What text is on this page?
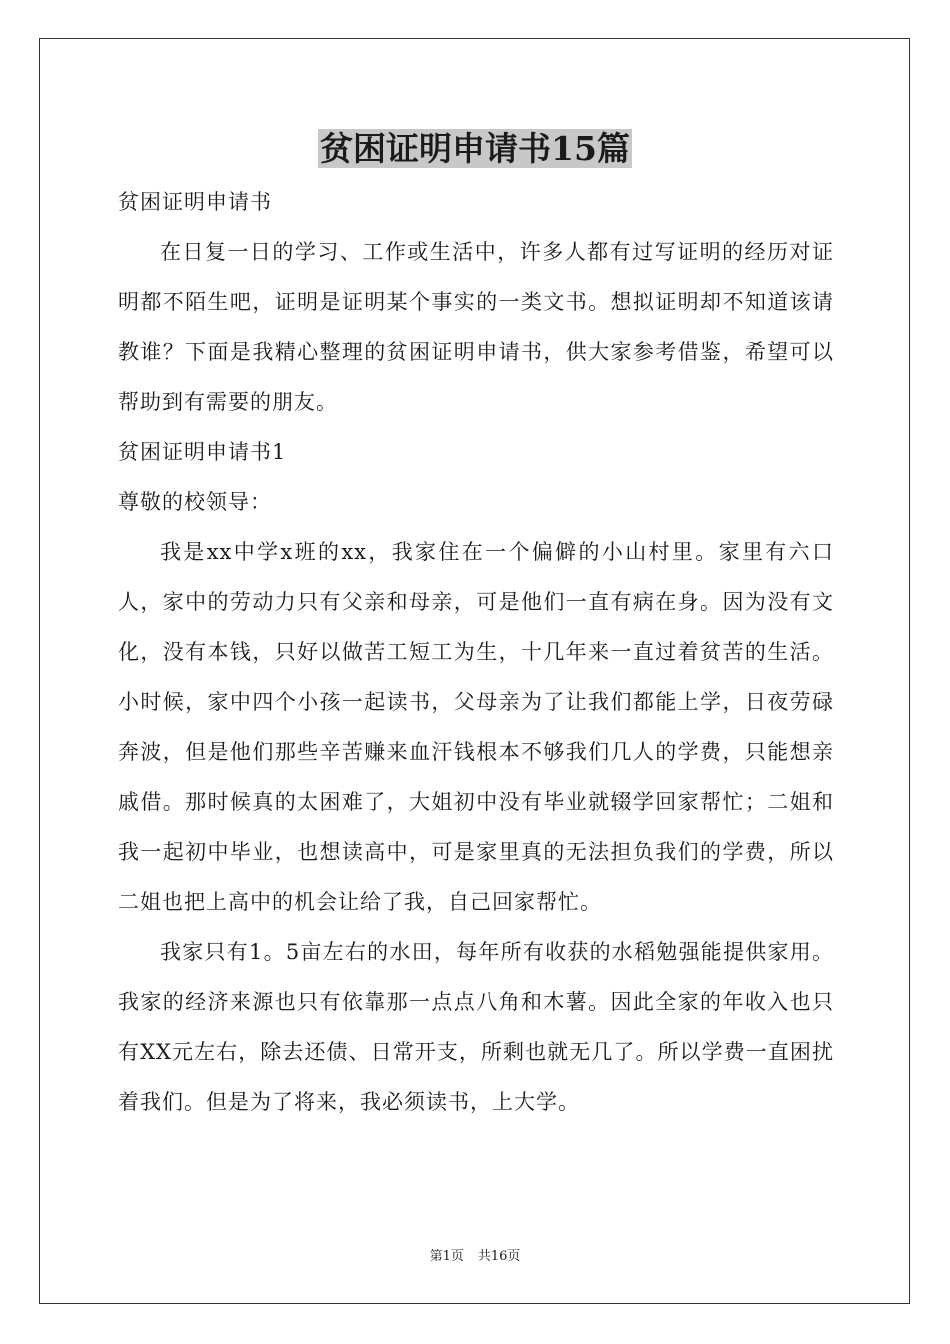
贫困证明申请书15篇

贫困证明申请书

在日复一日的学习、工作或生活中，许多人都有过写证明的经历对证明都不陌生吧，证明是证明某个事实的一类文书。想拟证明却不知道该请教谁？下面是我精心整理的贫困证明申请书，供大家参考借鉴，希望可以帮助到有需要的朋友。

贫困证明申请书1

尊敬的校领导：

我是xx中学x班的xx，我家住在一个偏僻的小山村里。家里有六口人，家中的劳动力只有父亲和母亲，可是他们一直有病在身。因为没有文化，没有本钱，只好以做苦工短工为生，十几年来一直过着贫苦的生活。小时候，家中四个小孩一起读书，父母亲为了让我们都能上学，日夜劳碌奔波，但是他们那些辛苦赚来血汗钱根本不够我们几人的学费，只能想亲戚借。那时候真的太困难了，大姐初中没有毕业就辍学回家帮忙；二姐和我一起初中毕业，也想读高中，可是家里真的无法担负我们的学费，所以二姐也把上高中的机会让给了我，自己回家帮忙。

我家只有1。5亩左右的水田，每年所有收获的水稻勉强能提供家用。我家的经济来源也只有依靠那一点点八角和木薯。因此全家的年收入也只有XX元左右，除去还债、日常开支，所剩也就无几了。所以学费一直困扰着我们。但是为了将来，我必须读书，上大学。

第1页 共16页
